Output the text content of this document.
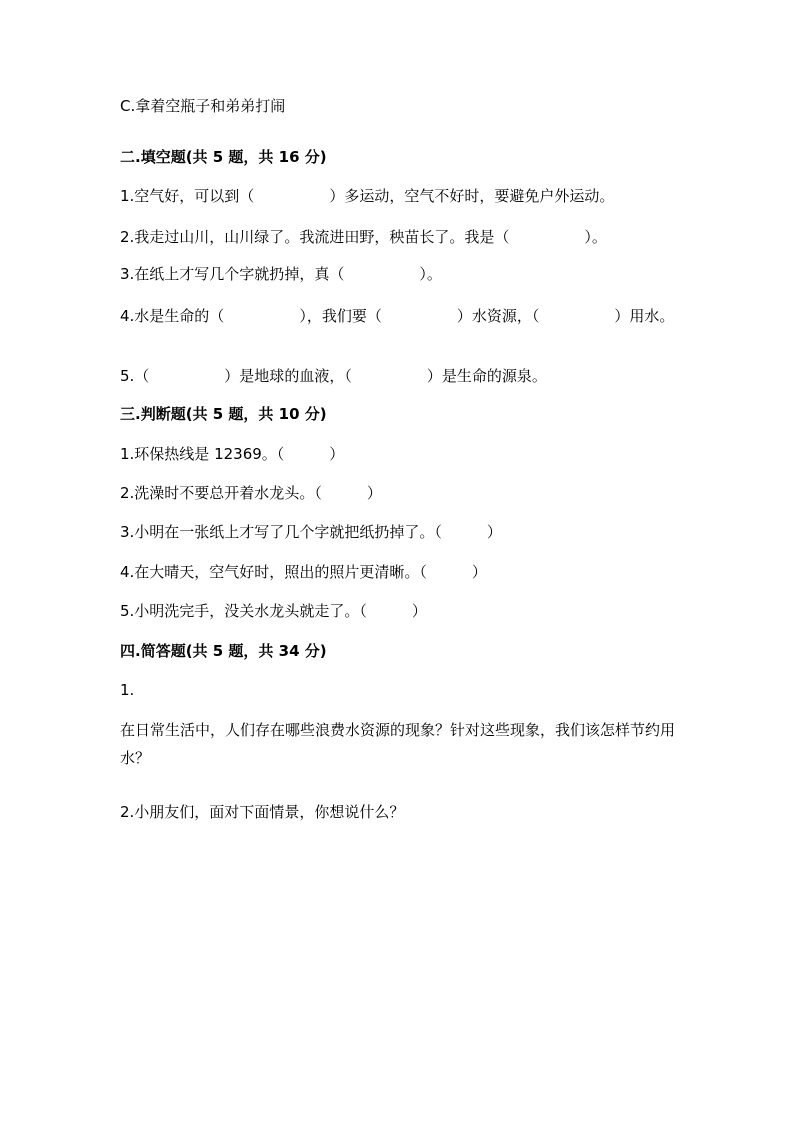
C.拿着空瓶子和弟弟打闹
二.填空题(共 5 题，共 16 分)
1.空气好，可以到（　　　　　）多运动，空气不好时，要避免户外运动。
2.我走过山川，山川绿了。我流进田野，秧苗长了。我是（　　　　　）。
3.在纸上才写几个字就扔掉，真（　　　　　）。
4.水是生命的（　　　　　），我们要（　　　　　）水资源，（　　　　　）用水。
5.（　　　　　）是地球的血液，（　　　　　）是生命的源泉。
三.判断题(共 5 题，共 10 分)
1.环保热线是 12369。（　　　）
2.洗澡时不要总开着水龙头。（　　　）
3.小明在一张纸上才写了几个字就把纸扔掉了。（　　　）
4.在大晴天，空气好时，照出的照片更清晰。（　　　）
5.小明洗完手，没关水龙头就走了。（　　　）
四.简答题(共 5 题，共 34 分)
1.
在日常生活中，人们存在哪些浪费水资源的现象？针对这些现象，我们该怎样节约用水？
2.小朋友们，面对下面情景，你想说什么？
